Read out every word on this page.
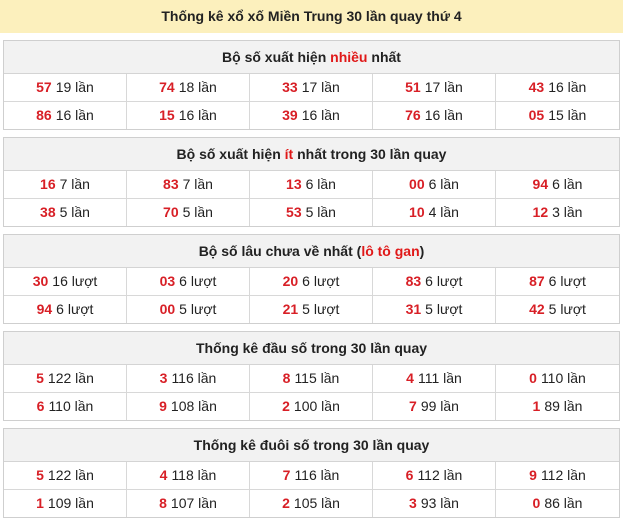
Thống kê xổ xố Miền Trung 30 lần quay thứ 4
Bộ số xuất hiện nhiều nhất
57 19 lần	74 18 lần	33 17 lần	51 17 lần	43 16 lần
86 16 lần	15 16 lần	39 16 lần	76 16 lần	05 15 lần
Bộ số xuất hiện ít nhất trong 30 lần quay
16 7 lần	83 7 lần	13 6 lần	00 6 lần	94 6 lần
38 5 lần	70 5 lần	53 5 lần	10 4 lần	12 3 lần
Bộ số lâu chưa về nhất (lô tô gan)
30 16 lượt	03 6 lượt	20 6 lượt	83 6 lượt	87 6 lượt
94 6 lượt	00 5 lượt	21 5 lượt	31 5 lượt	42 5 lượt
Thống kê đầu số trong 30 lần quay
5 122 lần	3 116 lần	8 115 lần	4 111 lần	0 110 lần
6 110 lần	9 108 lần	2 100 lần	7 99 lần	1 89 lần
Thống kê đuôi số trong 30 lần quay
5 122 lần	4 118 lần	7 116 lần	6 112 lần	9 112 lần
1 109 lần	8 107 lần	2 105 lần	3 93 lần	0 86 lần
